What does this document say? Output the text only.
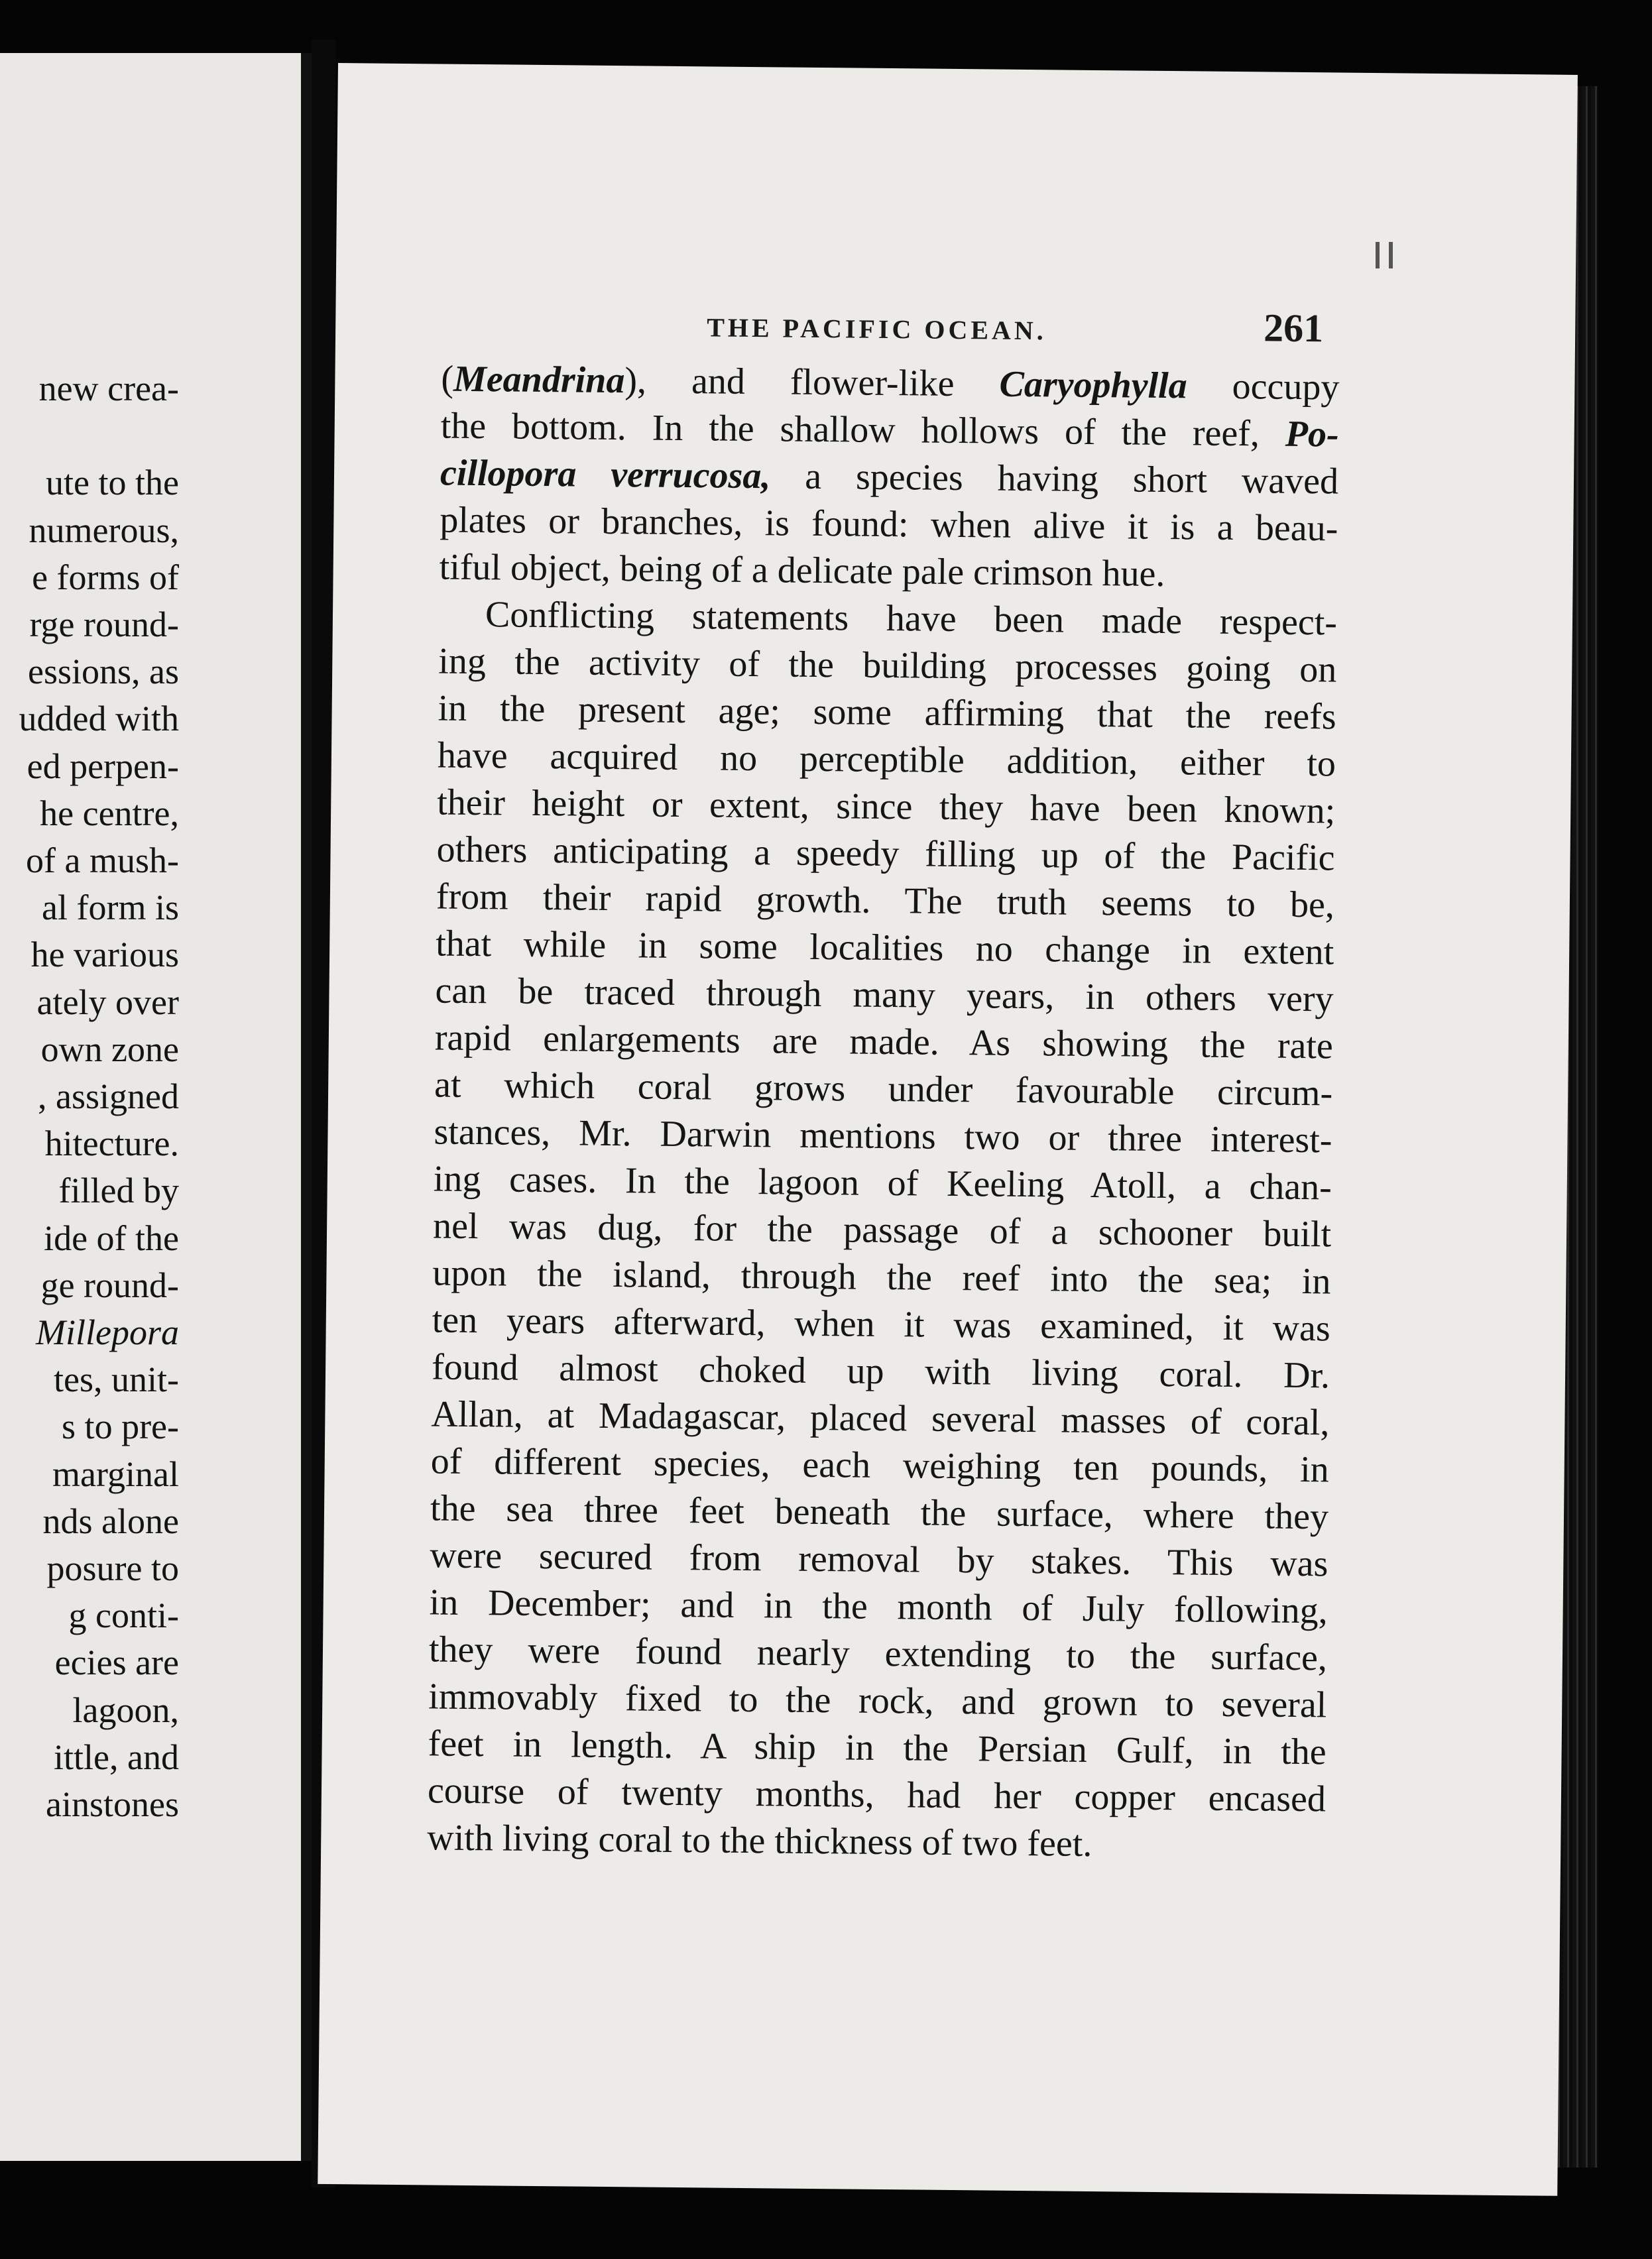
new crea-
ute to the
numerous,
e forms of
rge round-
essions, as
udded with
ed perpen-
he centre,
of a mush-
al form is
he various
ately over
own zone
, assigned
hitecture.
filled by
ide of the
ge round-
Millepora
tes, unit-
s to pre-
marginal
nds alone
posure to
g conti-
ecies are
lagoon,
ittle, and
ainstones
THE PACIFIC OCEAN.	261
(Meandrina), and flower-like Caryophylla occupy
the bottom. In the shallow hollows of the reef, Po-
cillopora verrucosa, a species having short waved
plates or branches, is found: when alive it is a beau-
tiful object, being of a delicate pale crimson hue.
Conflicting statements have been made respect-
ing the activity of the building processes going on
in the present age; some affirming that the reefs
have acquired no perceptible addition, either to
their height or extent, since they have been known;
others anticipating a speedy filling up of the Pacific
from their rapid growth. The truth seems to be,
that while in some localities no change in extent
can be traced through many years, in others very
rapid enlargements are made. As showing the rate
at which coral grows under favourable circum-
stances, Mr. Darwin mentions two or three interest-
ing cases. In the lagoon of Keeling Atoll, a chan-
nel was dug, for the passage of a schooner built
upon the island, through the reef into the sea; in
ten years afterward, when it was examined, it was
found almost choked up with living coral. Dr.
Allan, at Madagascar, placed several masses of coral,
of different species, each weighing ten pounds, in
the sea three feet beneath the surface, where they
were secured from removal by stakes. This was
in December; and in the month of July following,
they were found nearly extending to the surface,
immovably fixed to the rock, and grown to several
feet in length. A ship in the Persian Gulf, in the
course of twenty months, had her copper encased
with living coral to the thickness of two feet.
